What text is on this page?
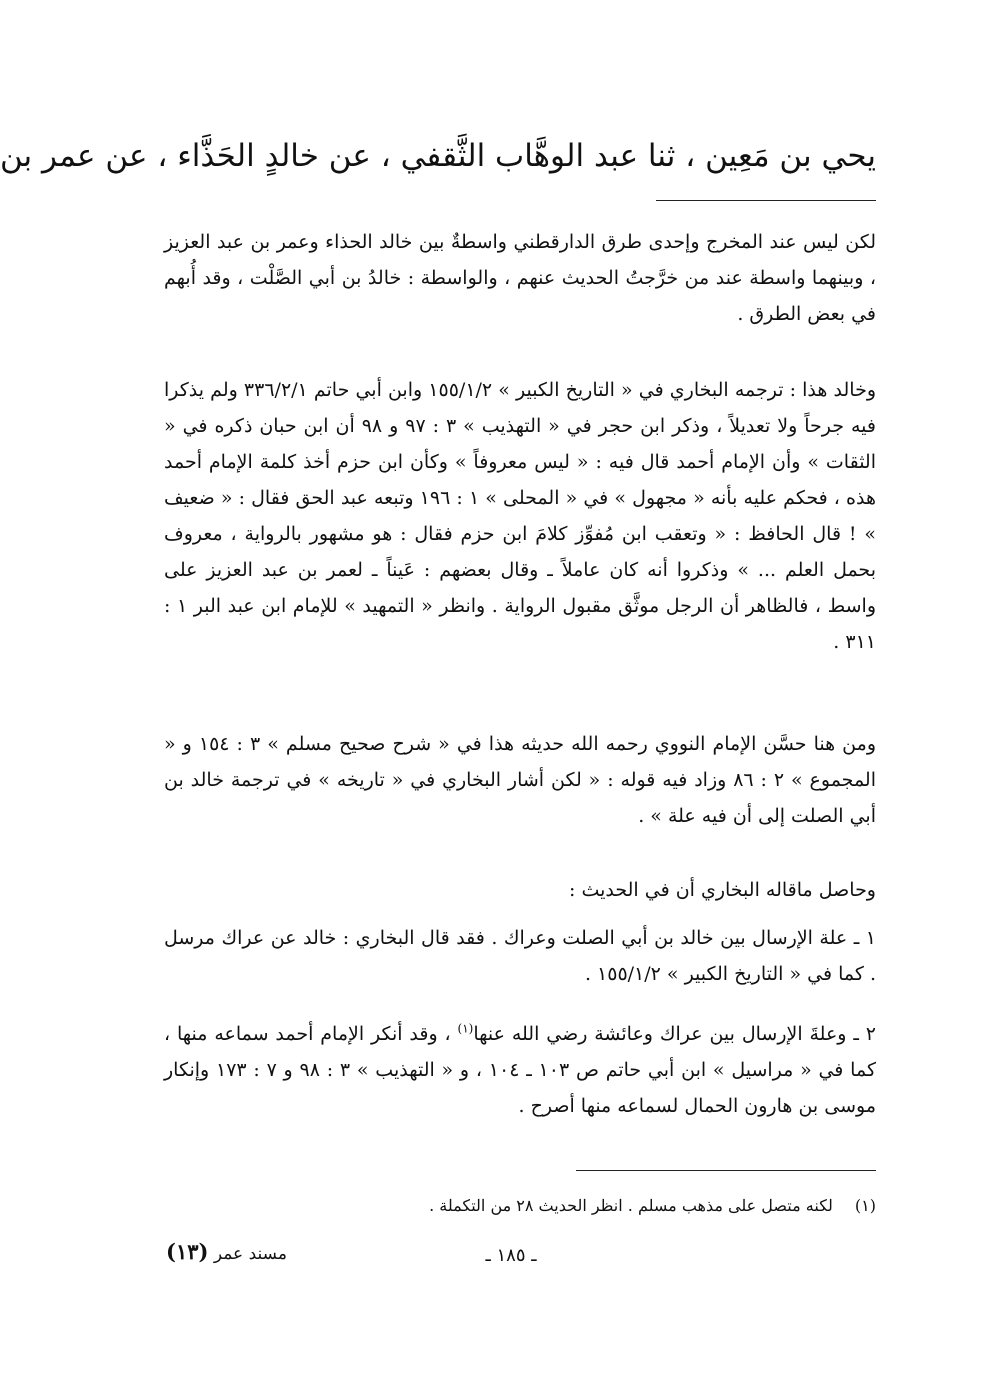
يحي بن مَعِين ، ثنا عبد الوهَّاب الثَّقفي ، عن خالدٍ الحَذَّاء ، عن عمر بن

لكن ليس عند المخرج وإحدى طرق الدارقطني واسطةٌ بين خالد الحذاء وعمر بن عبد العزيز ، وبينهما واسطة عند من خرَّجتُ الحديث عنهم ، والواسطة : خالدُ بن أبي الصَّلْت ، وقد أُبهم في بعض الطرق .

وخالد هذا : ترجمه البخاري في « التاريخ الكبير » ١٥٥/١/٢ وابن أبي حاتم ٣٣٦/٢/١ ولم يذكرا فيه جرحاً ولا تعديلاً ، وذكر ابن حجر في « التهذيب » ٣ : ٩٧ و ٩٨ أن ابن حبان ذكره في « الثقات » وأن الإمام أحمد قال فيه : « ليس معروفاً » وكأن ابن حزم أخذ كلمة الإمام أحمد هذه ، فحكم عليه بأنه « مجهول » في « المحلى » ١ : ١٩٦ وتبعه عبد الحق فقال : « ضعيف » ! قال الحافظ : « وتعقب ابن مُفوِّز كلامَ ابن حزم فقال : هو مشهور بالرواية ، معروف بحمل العلم ... » وذكروا أنه كان عاملاً ـ وقال بعضهم : عَيناً ـ لعمر بن عبد العزيز على واسط ، فالظاهر أن الرجل موثَّق مقبول الرواية . وانظر « التمهيد » للإمام ابن عبد البر ١ : ٣١١ .

ومن هنا حسَّن الإمام النووي رحمه الله حديثه هذا في « شرح صحيح مسلم » ٣ : ١٥٤ و « المجموع » ٢ : ٨٦ وزاد فيه قوله : « لكن أشار البخاري في « تاريخه » في ترجمة خالد بن أبي الصلت إلى أن فيه علة » .

وحاصل ماقاله البخاري أن في الحديث :

١ ـ علة الإرسال بين خالد بن أبي الصلت وعراك . فقد قال البخاري : خالد عن عراك مرسل . كما في « التاريخ الكبير » ١٥٥/١/٢ .

٢ ـ وعلةَ الإرسال بين عراك وعائشة رضي الله عنها$^{(١)}$ ، وقد أنكر الإمام أحمد سماعه منها ، كما في « مراسيل » ابن أبي حاتم ص ١٠٣ ـ ١٠٤ ، و « التهذيب » ٣ : ٩٨ و ٧ : ١٧٣ وإنكار موسى بن هارون الحمال لسماعه منها أصرح .

(١)لكنه متصل على مذهب مسلم . انظر الحديث ٢٨ من التكملة .

مسند عمر (١٣)	ـ ١٨٥ ـ
